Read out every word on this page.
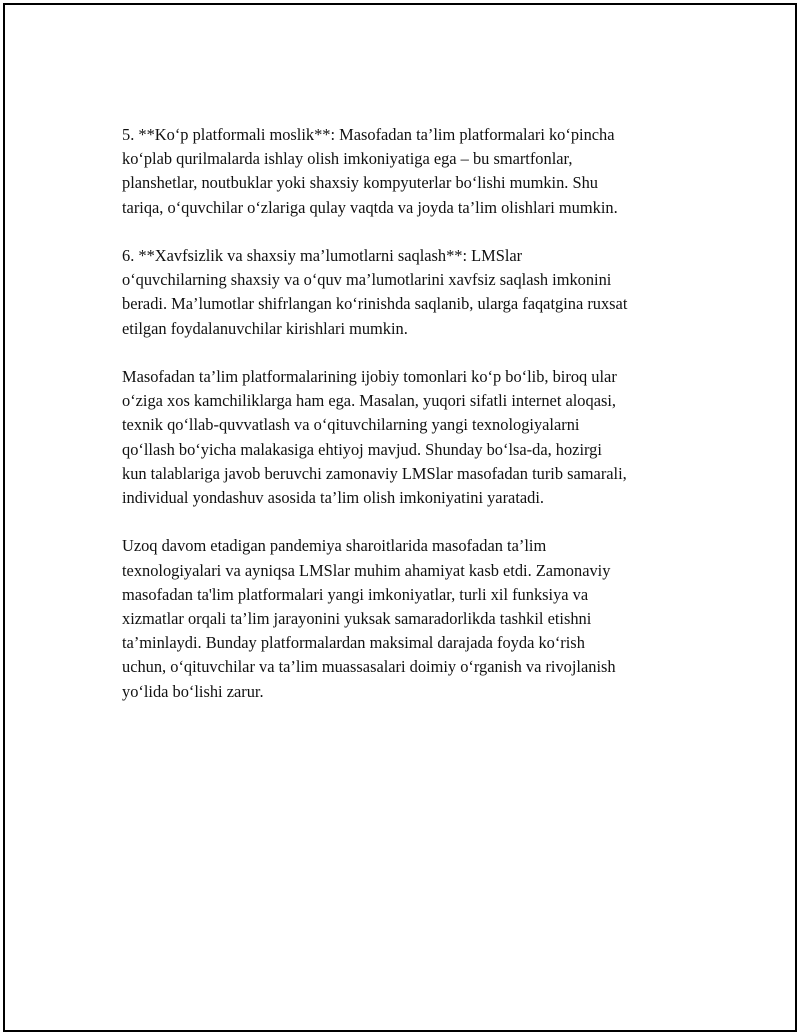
5. **Ko‘p platformali moslik**: Masofadan ta’lim platformalari ko‘pincha
ko‘plab qurilmalarda ishlay olish imkoniyatiga ega – bu smartfonlar,
planshetlar, noutbuklar yoki shaxsiy kompyuterlar bo‘lishi mumkin. Shu
tariqa, o‘quvchilar o‘zlariga qulay vaqtda va joyda ta’lim olishlari mumkin.

6. **Xavfsizlik va shaxsiy ma’lumotlarni saqlash**: LMSlar
o‘quvchilarning shaxsiy va o‘quv ma’lumotlarini xavfsiz saqlash imkonini
beradi. Ma’lumotlar shifrlangan ko‘rinishda saqlanib, ularga faqatgina ruxsat
etilgan foydalanuvchilar kirishlari mumkin.

Masofadan ta’lim platformalarining ijobiy tomonlari ko‘p bo‘lib, biroq ular
o‘ziga xos kamchiliklarga ham ega. Masalan, yuqori sifatli internet aloqasi,
texnik qo‘llab-quvvatlash va o‘qituvchilarning yangi texnologiyalarni
qo‘llash bo‘yicha malakasiga ehtiyoj mavjud. Shunday bo‘lsa-da, hozirgi
kun talablariga javob beruvchi zamonaviy LMSlar masofadan turib samarali,
individual yondashuv asosida ta’lim olish imkoniyatini yaratadi.

Uzoq davom etadigan pandemiya sharoitlarida masofadan ta’lim
texnologiyalari va ayniqsa LMSlar muhim ahamiyat kasb etdi. Zamonaviy
masofadan ta'lim platformalari yangi imkoniyatlar, turli xil funksiya va
xizmatlar orqali ta’lim jarayonini yuksak samaradorlikda tashkil etishni
ta’minlaydi. Bunday platformalardan maksimal darajada foyda ko‘rish
uchun, o‘qituvchilar va ta’lim muassasalari doimiy o‘rganish va rivojlanish
yo‘lida bo‘lishi zarur.
